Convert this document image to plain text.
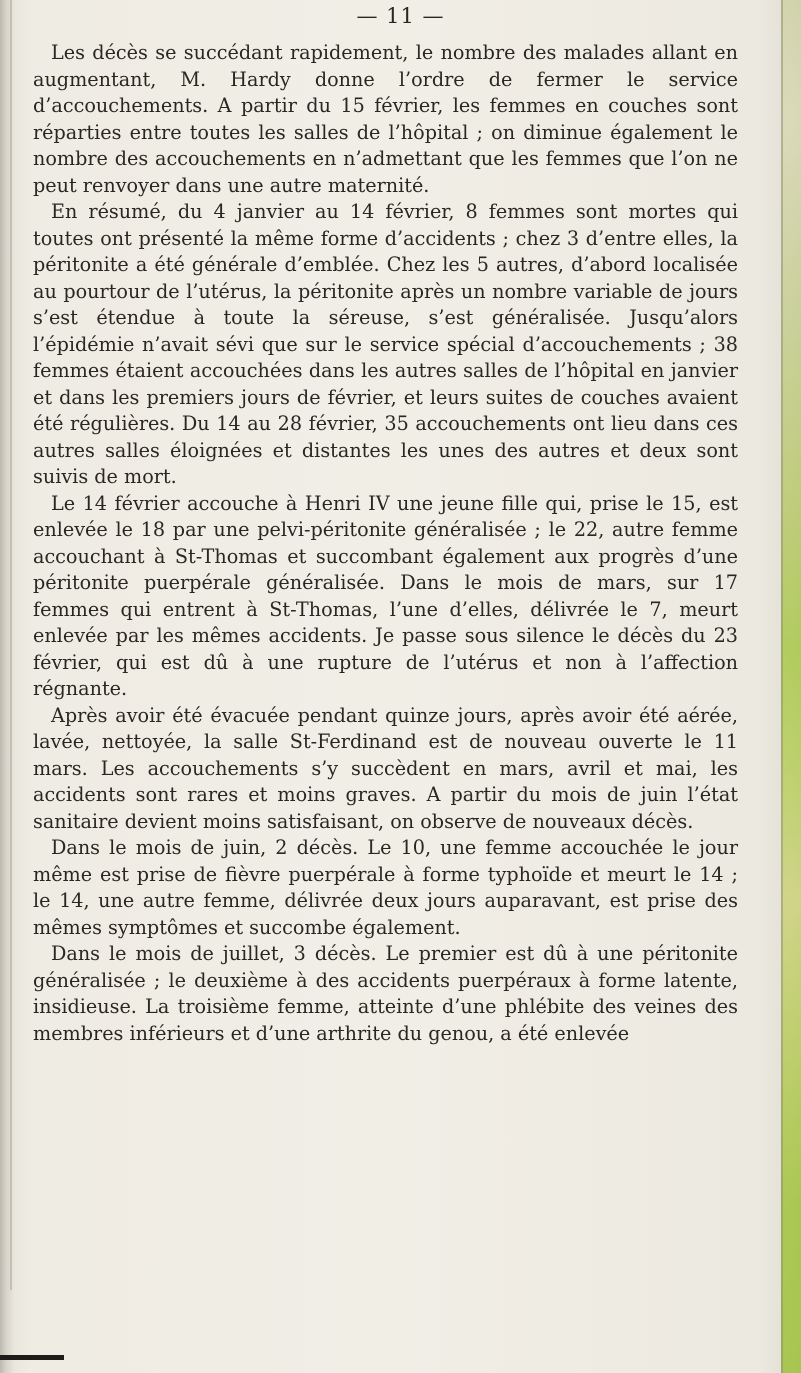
— 11 —

Les décès se succédant rapidement, le nombre des malades allant en augmentant, M. Hardy donne l’ordre de fermer le service d’accouchements. A partir du 15 février, les femmes en couches sont réparties entre toutes les salles de l’hôpital ; on diminue également le nombre des accouchements en n’admettant que les femmes que l’on ne peut renvoyer dans une autre maternité.

En résumé, du 4 janvier au 14 février, 8 femmes sont mortes qui toutes ont présenté la même forme d’accidents ; chez 3 d’entre elles, la péritonite a été générale d’emblée. Chez les 5 autres, d’abord localisée au pourtour de l’utérus, la péritonite après un nombre variable de jours s’est étendue à toute la séreuse, s’est généralisée. Jusqu’alors l’épidémie n’avait sévi que sur le service spécial d’accouchements ; 38 femmes étaient accouchées dans les autres salles de l’hôpital en janvier et dans les premiers jours de février, et leurs suites de couches avaient été régulières. Du 14 au 28 février, 35 accouchements ont lieu dans ces autres salles éloignées et distantes les unes des autres et deux sont suivis de mort.

Le 14 février accouche à Henri IV une jeune fille qui, prise le 15, est enlevée le 18 par une pelvi-péritonite généralisée ; le 22, autre femme accouchant à St-Thomas et succombant également aux progrès d’une péritonite puerpérale généralisée. Dans le mois de mars, sur 17 femmes qui entrent à St-Thomas, l’une d’elles, délivrée le 7, meurt enlevée par les mêmes accidents. Je passe sous silence le décès du 23 février, qui est dû à une rupture de l’utérus et non à l’affection régnante.

Après avoir été évacuée pendant quinze jours, après avoir été aérée, lavée, nettoyée, la salle St-Ferdinand est de nouveau ouverte le 11 mars. Les accouchements s’y succèdent en mars, avril et mai, les accidents sont rares et moins graves. A partir du mois de juin l’état sanitaire devient moins satisfaisant, on observe de nouveaux décès.

Dans le mois de juin, 2 décès. Le 10, une femme accouchée le jour même est prise de fièvre puerpérale à forme typhoïde et meurt le 14 ; le 14, une autre femme, délivrée deux jours auparavant, est prise des mêmes symptômes et succombe également.

Dans le mois de juillet, 3 décès. Le premier est dû à une péritonite généralisée ; le deuxième à des accidents puerpéraux à forme latente, insidieuse. La troisième femme, atteinte d’une phlébite des veines des membres inférieurs et d’une arthrite du genou, a été enlevée
